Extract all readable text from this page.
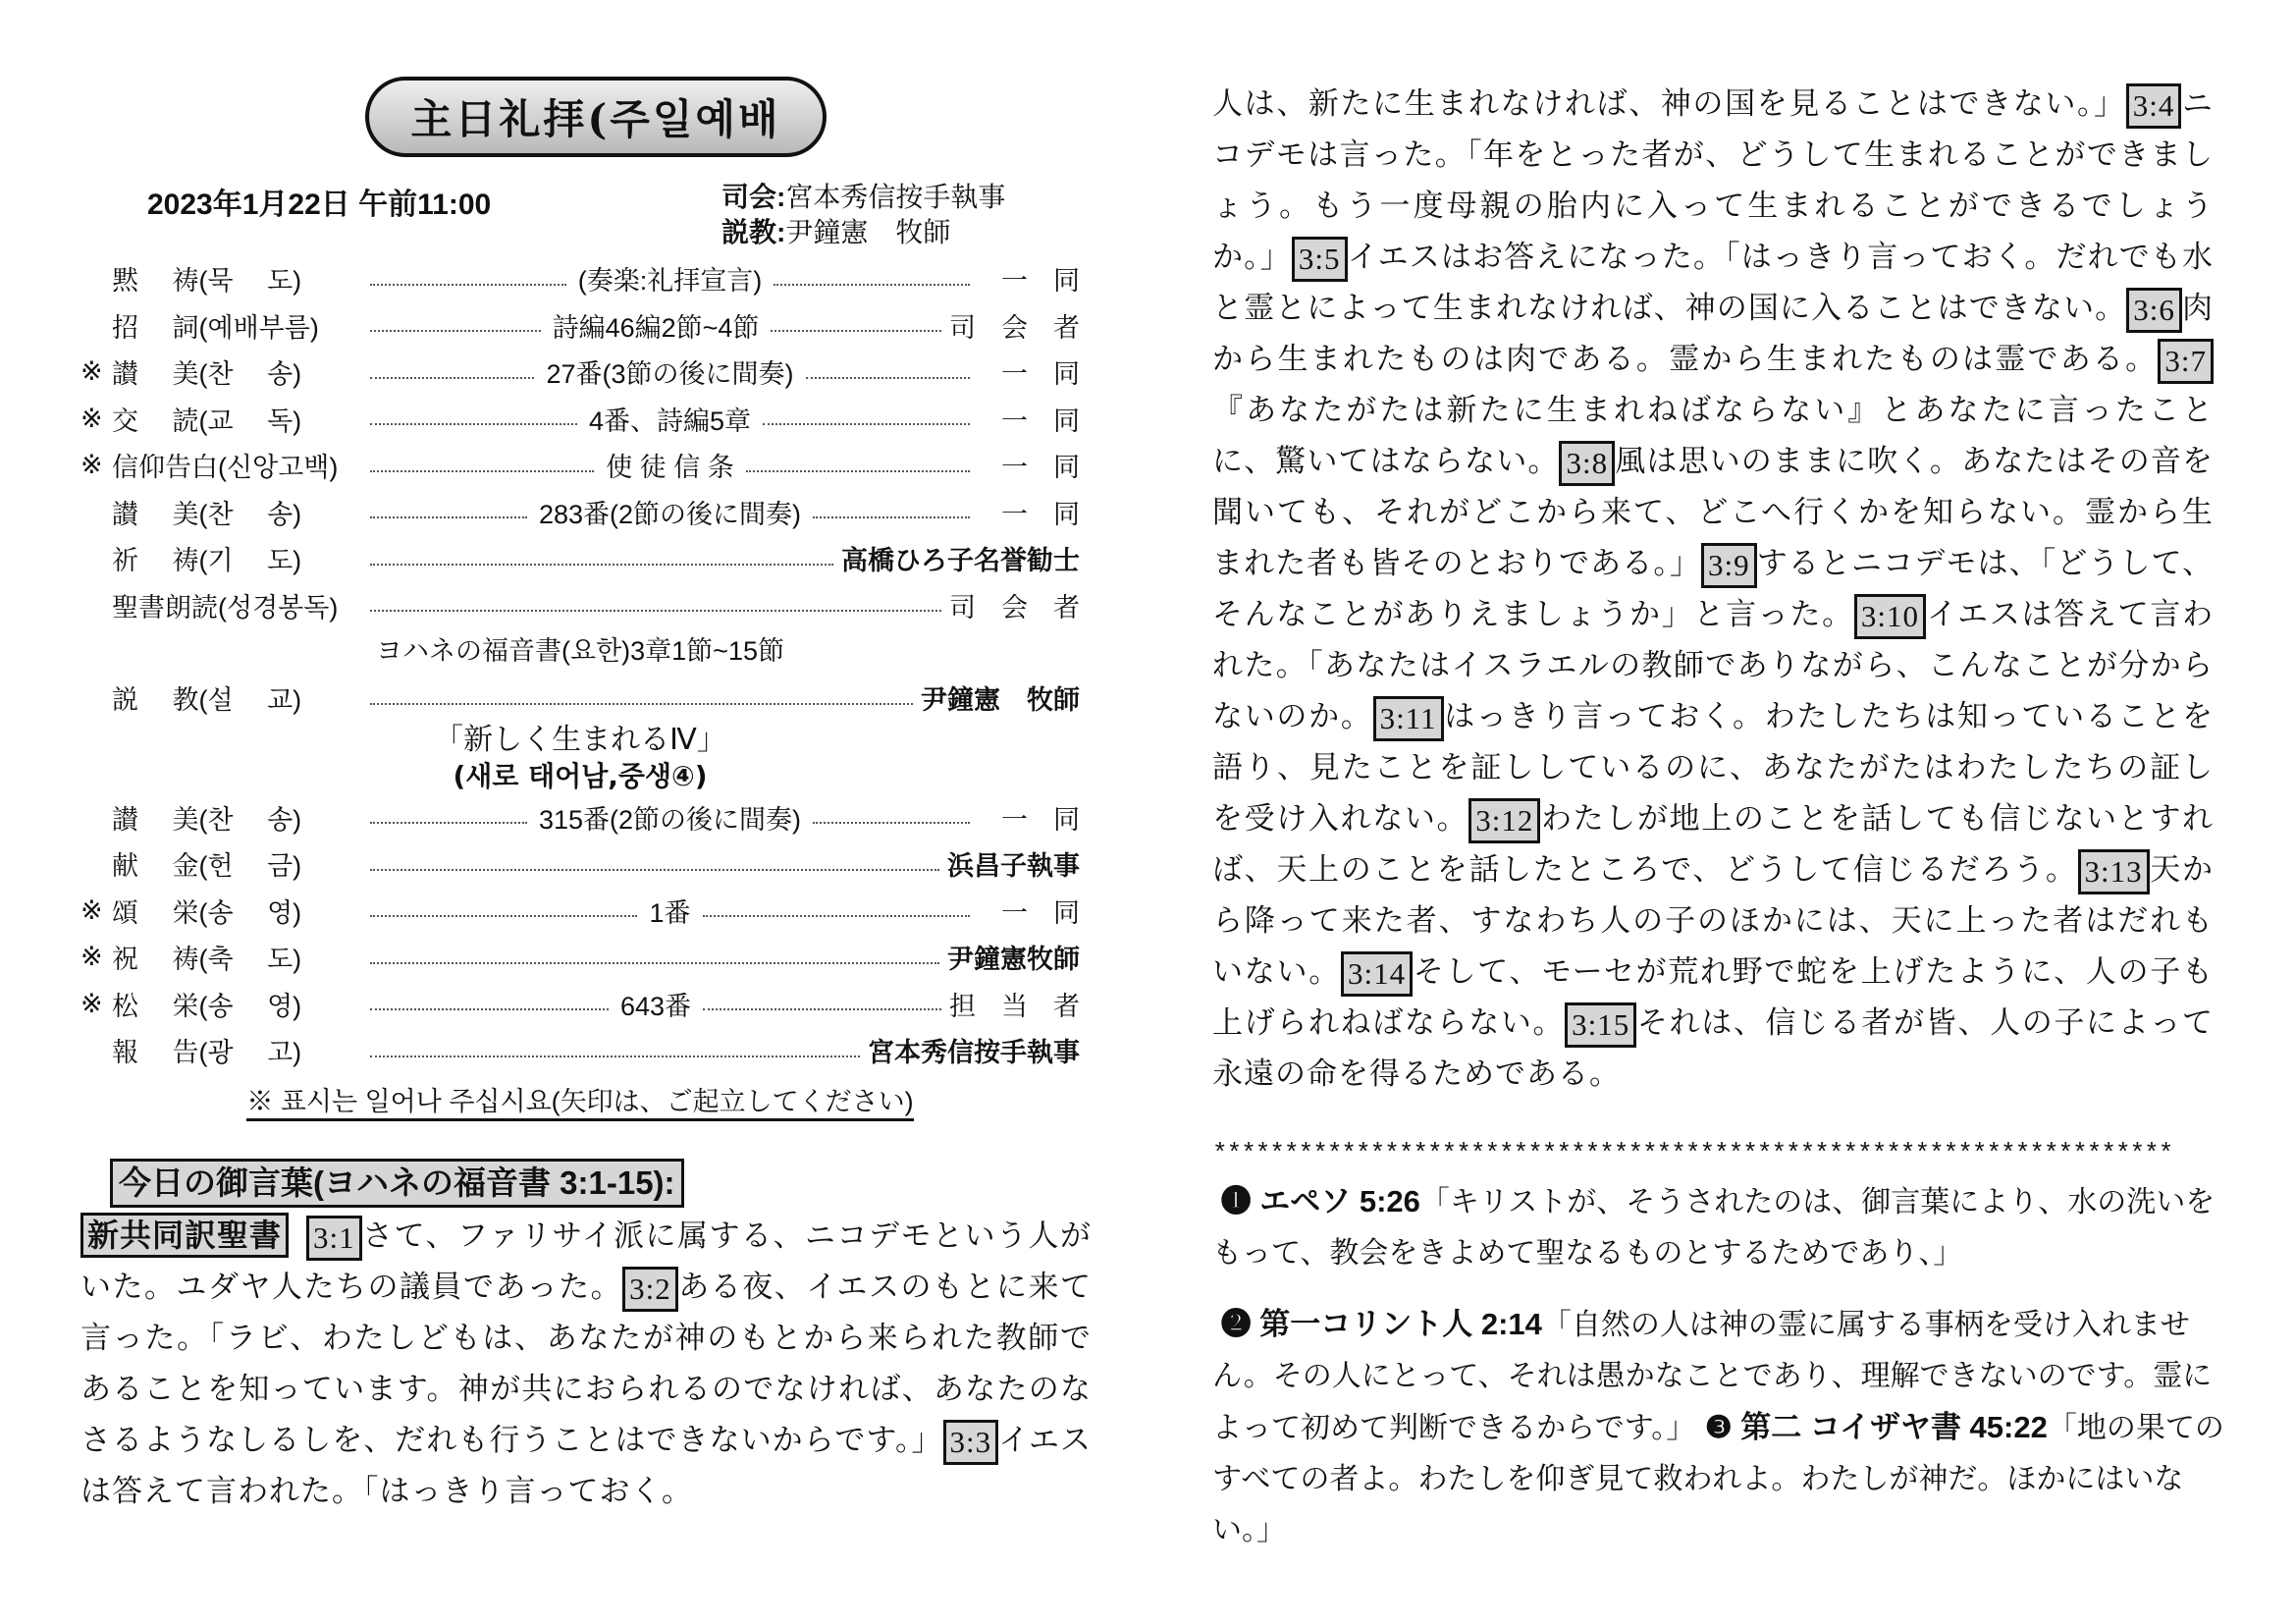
主日礼拝(주일예배
2023年1月22日 午前11:00	司会:宮本秀信按手執事
説教:尹鐘憲　牧師
黙　 祷(묵　 도)	(奏楽:礼拝宣言)	一同
招　 詞(예배부름)	詩編46編2節~4節	司会者
※ 讃　 美(찬　 송)	27番(3節の後に間奏)	一同
※ 交　 読(교　 독)	4番、詩編5章	一同
※ 信仰告白(신앙고백)	使 徒 信 条	一同
讃　 美(찬　 송)	283番(2節の後に間奏)	一同
祈　 祷(기　 도)	高橋ひろ子名誉勧士
聖書朗読(성경봉독)	司会者
ヨハネの福音書(요한)3章1節~15節
説　 教(설　 교)	尹鐘憲　牧師
「新しく生まれるⅣ」
(새로 태어남,중생④)
讃　 美(찬　 송)	315番(2節の後に間奏)	一同
献　 金(헌　 금)	浜昌子執事
※ 頌　 栄(송　 영)	1番	一同
※ 祝　 祷(축　 도)	尹鐘憲牧師
※ 松　 栄(송　 영)	643番	担当者
報　 告(광　 고)	宮本秀信按手執事
※ 표시는 일어나 주십시요(矢印は、ご起立してください)
今日の御言葉(ヨハネの福音書 3:1-15):
新共同訳聖書 3:1 さて、ファリサイ派に属する、ニコデモという人がいた。ユダヤ人たちの議員であった。 3:2 ある夜、イエスのもとに来て言った。「ラビ、わたしどもは、あなたが神のもとから来られた教師であることを知っています。神が共におられるのでなければ、あなたのなさるようなしるしを、だれも行うことはできないからです。」 3:3 イエスは答えて言われた。「はっきり言っておく。
人は、新たに生まれなければ、神の国を見ることはできない。」 3:4 ニコデモは言った。「年をとった者が、どうして生まれることができましょう。もう一度母親の胎内に入って生まれることができるでしょうか。」 3:5 イエスはお答えになった。「はっきり言っておく。だれでも水と霊とによって生まれなければ、神の国に入ることはできない。 3:6 肉から生まれたものは肉である。霊から生まれたものは霊である。 3:7『あなたがたは新たに生まれねばならない』とあなたに言ったことに、驚いてはならない。 3:8 風は思いのままに吹く。あなたはその音を聞いても、それがどこから来て、どこへ行くかを知らない。霊から生まれた者も皆そのとおりである。」 3:9 するとニコデモは、「どうして、そんなことがありえましょうか」と言った。 3:10 イエスは答えて言われた。「あなたはイスラエルの教師でありながら、こんなことが分からないのか。 3:11 はっきり言っておく。わたしたちは知っていることを語り、見たことを証ししているのに、あなたがたはわたしたちの証しを受け入れない。 3:12 わたしが地上のことを話しても信じないとすれば、天上のことを話したところで、どうして信じるだろう。 3:13 天から降って来た者、すなわち人の子のほかには、天に上った者はだれもいない。 3:14 そして、モーセが荒れ野で蛇を上げたように、人の子も上げられねばならない。 3:15 それは、信じる者が皆、人の子によって永遠の命を得るためである。
*******************************************************************

❶ エペソ 5:26「キリストが、そうされたのは、御言葉により、水の洗いをもって、教会をきよめて聖なるものとするためであり、」

❷ 第一コリント人 2:14「自然の人は神の霊に属する事柄を受け入れません。その人にとって、それは愚かなことであり、理解できないのです。霊によって初めて判断できるからです。」 ❸ 第二 コイザヤ書 45:22「地の果てのすべての者よ。わたしを仰ぎ見て救われよ。わたしが神だ。ほかにはいない。」
